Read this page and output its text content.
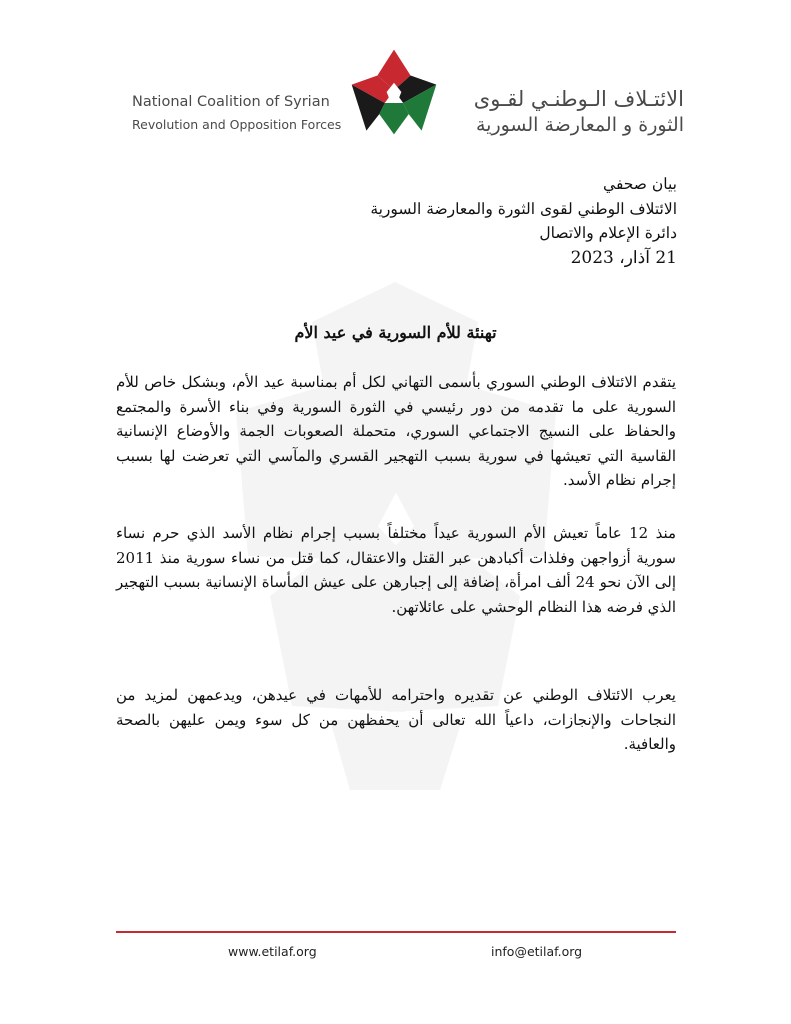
National Coalition of Syrian
Revolution and Opposition Forces
الائتـلاف الـوطنـي لقـوى
الثورة و المعارضة السورية
بيان صحفي
الائتلاف الوطني لقوى الثورة والمعارضة السورية
دائرة الإعلام والاتصال
21 آذار، 2023
تهنئة للأم السورية في عيد الأم
يتقدم الائتلاف الوطني السوري بأسمى التهاني لكل أم بمناسبة عيد الأم، وبشكل خاص للأم السورية على ما تقدمه من دور رئيسي في الثورة السورية وفي بناء الأسرة والمجتمع والحفاظ على النسيج الاجتماعي السوري، متحملة الصعوبات الجمة والأوضاع الإنسانية القاسية التي تعيشها في سورية بسبب التهجير القسري والمآسي التي تعرضت لها بسبب إجرام نظام الأسد.
منذ 12 عاماً تعيش الأم السورية عيداً مختلفاً بسبب إجرام نظام الأسد الذي حرم نساء سورية أزواجهن وفلذات أكبادهن عبر القتل والاعتقال، كما قتل من نساء سورية منذ 2011 إلى الآن نحو 24 ألف امرأة، إضافة إلى إجبارهن على عيش المأساة الإنسانية بسبب التهجير الذي فرضه هذا النظام الوحشي على عائلاتهن.
يعرب الائتلاف الوطني عن تقديره واحترامه للأمهات في عيدهن، ويدعمهن لمزيد من النجاحات والإنجازات، داعياً الله تعالى أن يحفظهن من كل سوء ويمن عليهن بالصحة والعافية.
www.etilaf.org	info@etilaf.org
